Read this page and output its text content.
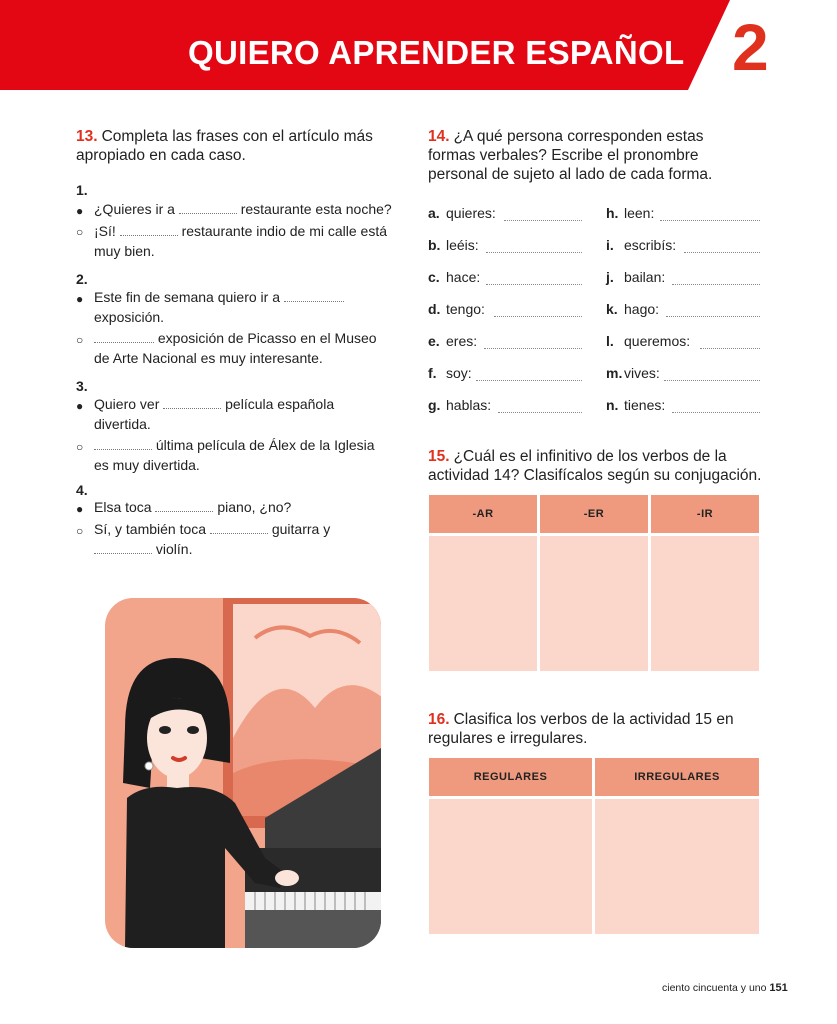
QUIERO APRENDER ESPAÑOL 2
13. Completa las frases con el artículo más
apropiado en cada caso.
1.
● ¿Quieres ir a	restaurante esta noche?
○ ¡Sí!	restaurante indio de mi calle está
muy bien.
2.
● Este fin de semana quiero ir a
exposición.
○	exposición de Picasso en el Museo
de Arte Nacional es muy interesante.
3.
● Quiero ver	película española
divertida.
○	última película de Álex de la Iglesia
es muy divertida.
4.
● Elsa toca	piano, ¿no?
○ Sí, y también toca	guitarra y
violín.
14. ¿A qué persona corresponden estas
formas verbales? Escribe el pronombre
personal de sujeto al lado de cada forma.
a. quieres:
b. leéis:
c. hace:
d. tengo:
e. eres:
f. soy:
g. hablas:
h. leen:
i. escribís:
j. bailan:
k. hago:
l. queremos:
m. vives:
n. tienes:
15. ¿Cuál es el infinitivo de los verbos de la
actividad 14? Clasifícalos según su conjugación.
-AR	-ER	-IR
16. Clasifica los verbos de la actividad 15 en
regulares e irregulares.
REGULARES	IRREGULARES
ciento cincuenta y uno 151
